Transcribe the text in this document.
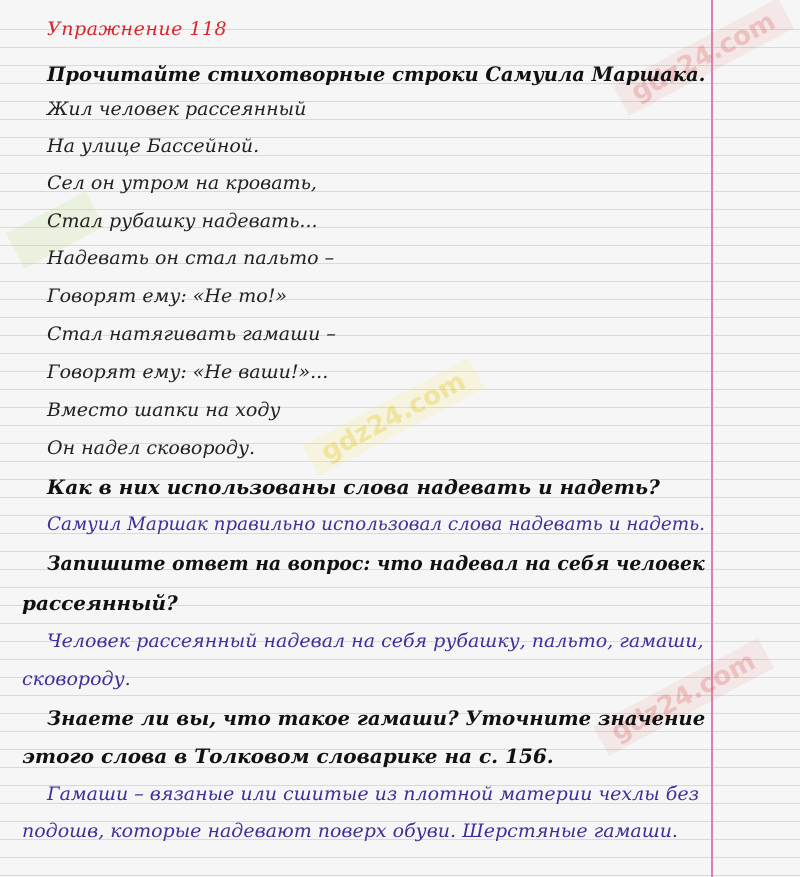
gdz24.com
gdz24.com
gdz24.com
Упражнение 118
Прочитайте стихотворные строки Самуила Маршака.
Жил человек рассеянный
На улице Бассейной.
Сел он утром на кровать,
Стал рубашку надевать...
Надевать он стал пальто –
Говорят ему: «Не то!»
Стал натягивать гамаши –
Говорят ему: «Не ваши!»...
Вместо шапки на ходу
Он надел сковороду.
Как в них использованы слова надевать и надеть?
Самуил Маршак правильно использовал слова надевать и надеть.
Запишите ответ на вопрос: что надевал на себя человек
рассеянный?
Человек рассеянный надевал на себя рубашку, пальто, гамаши,
сковороду.
Знаете ли вы, что такое гамаши? Уточните значение
этого слова в Толковом словарике на с. 156.
Гамаши – вязаные или сшитые из плотной материи чехлы без
подошв, которые надевают поверх обуви. Шерстяные гамаши.
